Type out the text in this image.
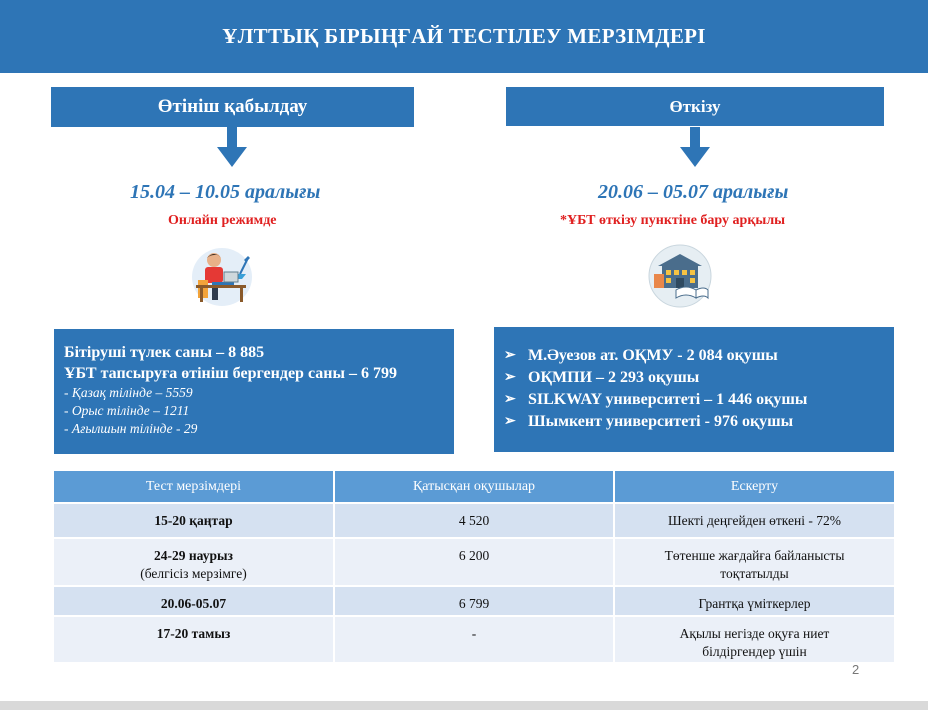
ҰЛТТЫҚ БІРЫҢҒАЙ ТЕСТІЛЕУ МЕРЗІМДЕРІ
Өтініш қабылдау
15.04 – 10.05 аралығы
Онлайн режимде
Бітіруші түлек саны – 8 885
ҰБТ тапсыруға өтініш бергендер саны – 6 799
- Қазақ тілінде – 5559
- Орыс тілінде – 1211
- Ағылшын тілінде - 29
Өткізу
20.06 – 05.07 аралығы
*ҰБТ өткізу пунктіне бару арқылы
➢ М.Әуезов ат. ОҚМУ - 2 084 оқушы
➢ ОҚМПИ – 2 293 оқушы
➢ SILKWAY университеті – 1 446 оқушы
➢ Шымкент университеті - 976 оқушы
Тест мерзімдері	Қатысқан оқушылар	Ескерту
15-20 қаңтар	4 520	Шекті деңгейден өткені - 72%

24-29 наурыз
(белгісіз мерзімге)	6 200	Төтенше жағдайға байланысты тоқтатылды

20.06-05.07	6 799	Грантқа үміткерлер
17-20 тамыз	-	Ақылы негізде оқуға ниет білдіргендер үшін
2
